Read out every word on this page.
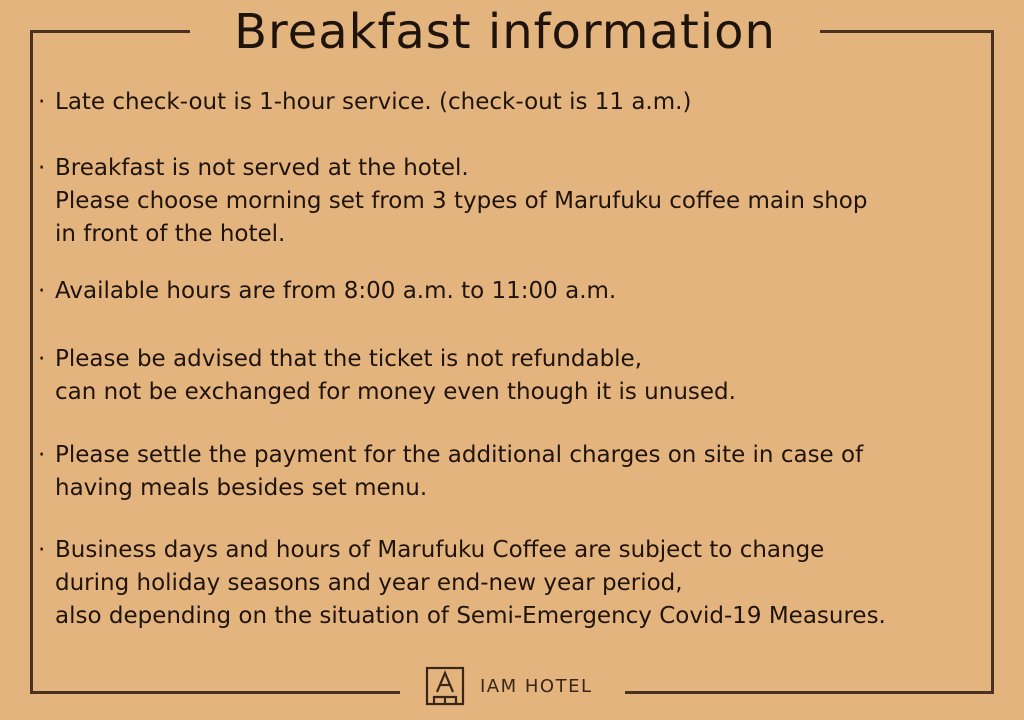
Breakfast information
· Late check-out is 1-hour service. (check-out is 11 a.m.)
· Breakfast is not served at the hotel.
Please choose morning set from 3 types of Marufuku coffee main shop
in front of the hotel.
· Available hours are from 8:00 a.m. to 11:00 a.m.
· Please be advised that the ticket is not refundable,
can not be exchanged for money even though it is unused.
· Please settle the payment for the additional charges on site in case of
having meals besides set menu.
· Business days and hours of Marufuku Coffee are subject to change
during holiday seasons and year end-new year period,
also depending on the situation of Semi-Emergency Covid-19 Measures.
IAM HOTEL
